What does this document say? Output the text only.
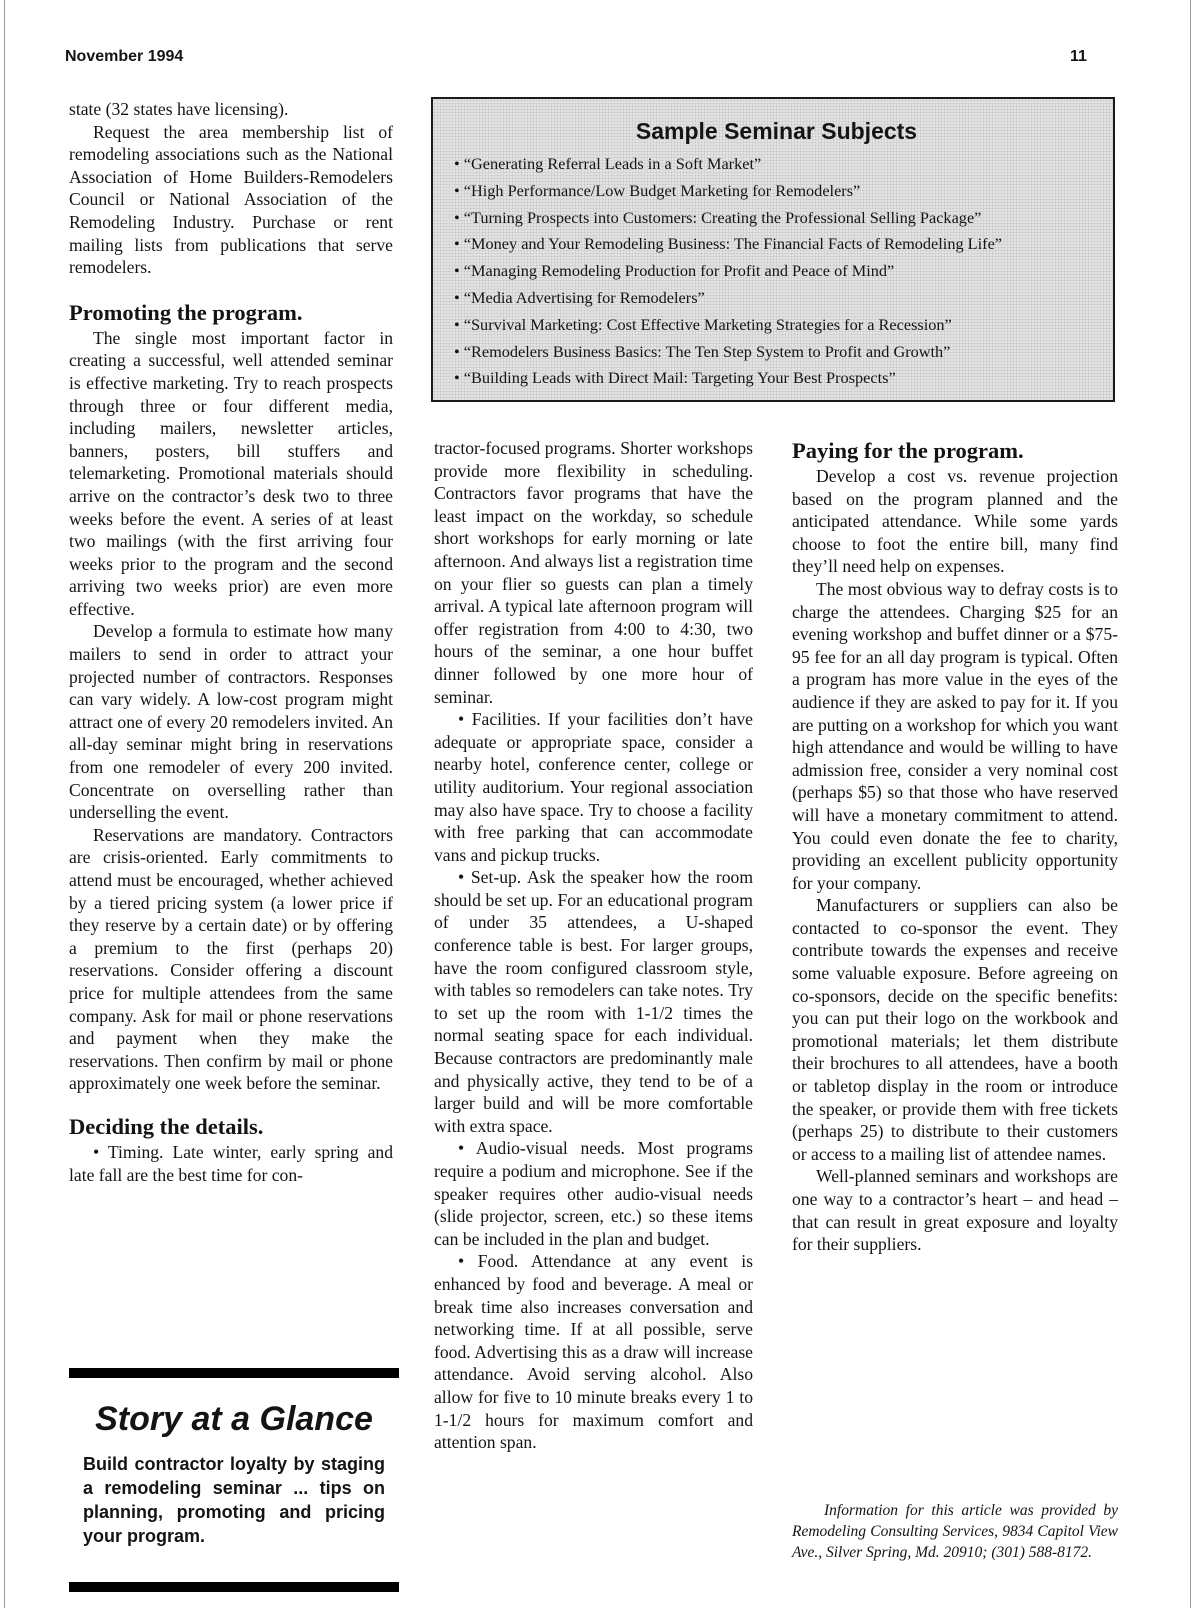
November 1994	11

state (32 states have licensing).

Request the area membership list of remodeling associations such as the National Association of Home Builders-Remodelers Council or National Association of the Remodeling Industry. Purchase or rent mailing lists from publications that serve remodelers.

Promoting the program.

The single most important factor in creating a successful, well attended seminar is effective marketing. Try to reach prospects through three or four different media, including mailers, newsletter articles, banners, posters, bill stuffers and telemarketing. Promotional materials should arrive on the contractor’s desk two to three weeks before the event. A series of at least two mailings (with the first arriving four weeks prior to the program and the second arriving two weeks prior) are even more effective.

Develop a formula to estimate how many mailers to send in order to attract your projected number of contractors. Responses can vary widely. A low-cost program might attract one of every 20 remodelers invited. An all-day seminar might bring in reservations from one remodeler of every 200 invited. Concentrate on overselling rather than underselling the event.

Reservations are mandatory. Contractors are crisis-oriented. Early commitments to attend must be encouraged, whether achieved by a tiered pricing system (a lower price if they reserve by a certain date) or by offering a premium to the first (perhaps 20) reservations. Consider offering a discount price for multiple attendees from the same company. Ask for mail or phone reservations and payment when they make the reservations. Then confirm by mail or phone approximately one week before the seminar.

Deciding the details.

• Timing. Late winter, early spring and late fall are the best time for con-

Sample Seminar Subjects
• “Generating Referral Leads in a Soft Market”
• “High Performance/Low Budget Marketing for Remodelers”
• “Turning Prospects into Customers: Creating the Professional Selling Package”
• “Money and Your Remodeling Business: The Financial Facts of Remodeling Life”
• “Managing Remodeling Production for Profit and Peace of Mind”
• “Media Advertising for Remodelers”
• “Survival Marketing: Cost Effective Marketing Strategies for a Recession”
• “Remodelers Business Basics: The Ten Step System to Profit and Growth”
• “Building Leads with Direct Mail: Targeting Your Best Prospects”

tractor-focused programs. Shorter workshops provide more flexibility in scheduling. Contractors favor programs that have the least impact on the workday, so schedule short workshops for early morning or late afternoon. And always list a registration time on your flier so guests can plan a timely arrival. A typical late afternoon program will offer registration from 4:00 to 4:30, two hours of the seminar, a one hour buffet dinner followed by one more hour of seminar.

• Facilities. If your facilities don’t have adequate or appropriate space, consider a nearby hotel, conference center, college or utility auditorium. Your regional association may also have space. Try to choose a facility with free parking that can accommodate vans and pickup trucks.

• Set-up. Ask the speaker how the room should be set up. For an educational program of under 35 attendees, a U-shaped conference table is best. For larger groups, have the room configured classroom style, with tables so remodelers can take notes. Try to set up the room with 1-1/2 times the normal seating space for each individual. Because contractors are predominantly male and physically active, they tend to be of a larger build and will be more comfortable with extra space.

• Audio-visual needs. Most programs require a podium and microphone. See if the speaker requires other audio-visual needs (slide projector, screen, etc.) so these items can be included in the plan and budget.

• Food. Attendance at any event is enhanced by food and beverage. A meal or break time also increases conversation and networking time. If at all possible, serve food. Advertising this as a draw will increase attendance. Avoid serving alcohol. Also allow for five to 10 minute breaks every 1 to 1-1/2 hours for maximum comfort and attention span.

Paying for the program.

Develop a cost vs. revenue projection based on the program planned and the anticipated attendance. While some yards choose to foot the entire bill, many find they’ll need help on expenses.

The most obvious way to defray costs is to charge the attendees. Charging $25 for an evening workshop and buffet dinner or a $75-95 fee for an all day program is typical. Often a program has more value in the eyes of the audience if they are asked to pay for it. If you are putting on a workshop for which you want high attendance and would be willing to have admission free, consider a very nominal cost (perhaps $5) so that those who have reserved will have a monetary commitment to attend. You could even donate the fee to charity, providing an excellent publicity opportunity for your company.

Manufacturers or suppliers can also be contacted to co-sponsor the event. They contribute towards the expenses and receive some valuable exposure. Before agreeing on co-sponsors, decide on the specific benefits: you can put their logo on the workbook and promotional materials; let them distribute their brochures to all attendees, have a booth or tabletop display in the room or introduce the speaker, or provide them with free tickets (perhaps 25) to distribute to their customers or access to a mailing list of attendee names.

Well-planned seminars and workshops are one way to a contractor’s heart – and head – that can result in great exposure and loyalty for their suppliers.

Information for this article was provided by Remodeling Consulting Services, 9834 Capitol View Ave., Silver Spring, Md. 20910; (301) 588-8172.

Story at a Glance

Build contractor loyalty by staging a remodeling seminar ... tips on planning, promoting and pricing your program.
